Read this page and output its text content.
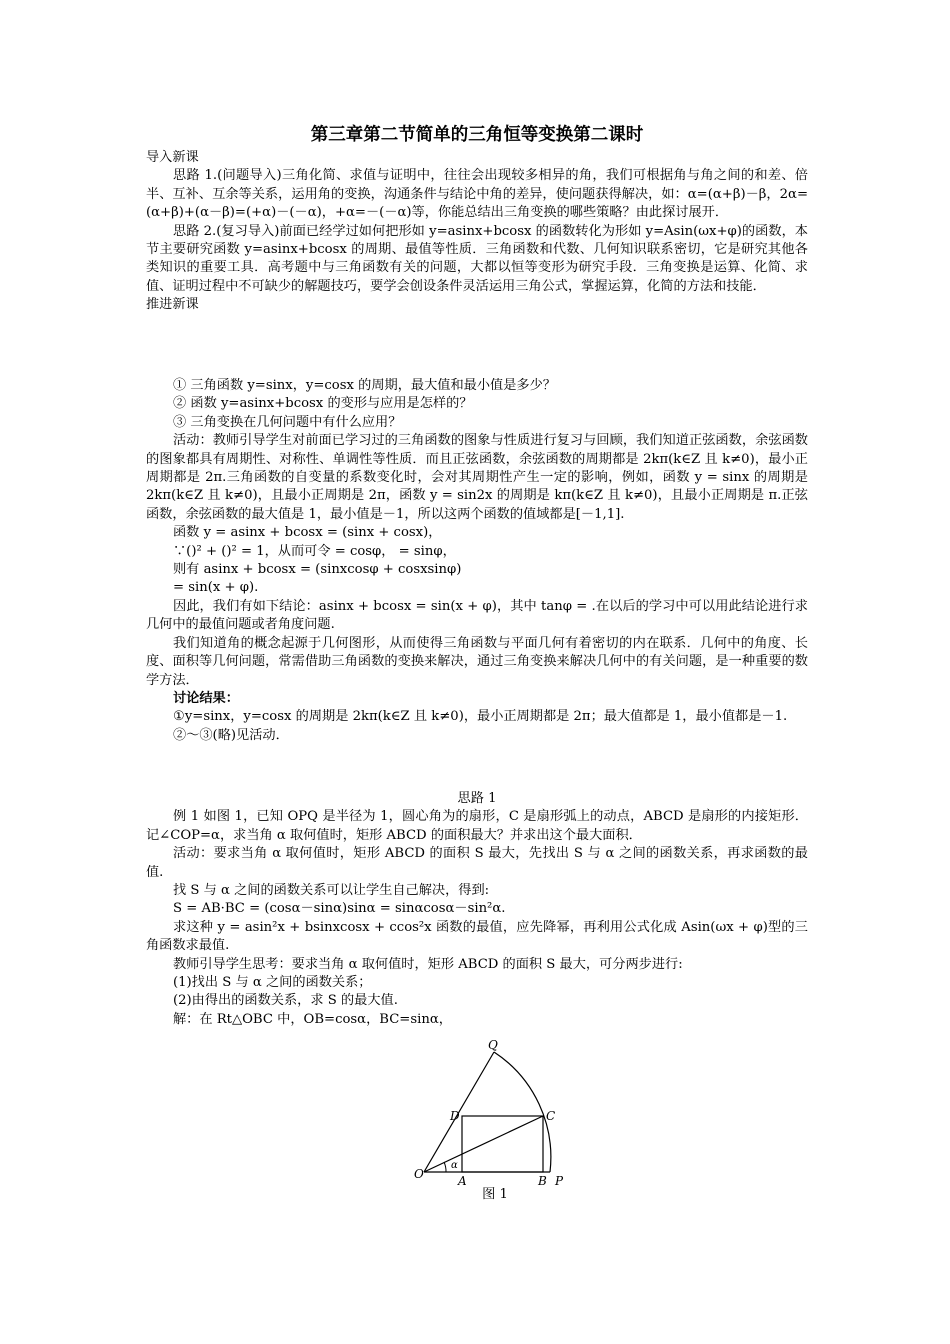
第三章第二节简单的三角恒等变换第二课时

导入新课

思路 1.(问题导入)三角化简、求值与证明中，往往会出现较多相异的角，我们可根据角与角之间的和差、倍半、互补、互余等关系，运用角的变换，沟通条件与结论中角的差异，使问题获得解决，如：α=(α+β)－β，2α=(α+β)+(α－β)=(+α)－(－α)，+α=－(－α)等，你能总结出三角变换的哪些策略？由此探讨展开．

思路 2.(复习导入)前面已经学过如何把形如 y=asinx+bcosx 的函数转化为形如 y=Asin(ωx+φ)的函数，本节主要研究函数 y=asinx+bcosx 的周期、最值等性质．三角函数和代数、几何知识联系密切，它是研究其他各类知识的重要工具．高考题中与三角函数有关的问题，大都以恒等变形为研究手段．三角变换是运算、化简、求值、证明过程中不可缺少的解题技巧，要学会创设条件灵活运用三角公式，掌握运算，化简的方法和技能．

推进新课

① 三角函数 y=sinx，y=cosx 的周期，最大值和最小值是多少？

② 函数 y=asinx+bcosx 的变形与应用是怎样的？

③ 三角变换在几何问题中有什么应用？

活动：教师引导学生对前面已学习过的三角函数的图象与性质进行复习与回顾，我们知道正弦函数，余弦函数的图象都具有周期性、对称性、单调性等性质．而且正弦函数，余弦函数的周期都是 2kπ(k∈Z 且 k≠0)，最小正周期都是 2π.三角函数的自变量的系数变化时，会对其周期性产生一定的影响，例如，函数 y = sinx 的周期是 2kπ(k∈Z 且 k≠0)，且最小正周期是 2π，函数 y = sin2x 的周期是 kπ(k∈Z 且 k≠0)，且最小正周期是 π.正弦函数，余弦函数的最大值是 1，最小值是－1，所以这两个函数的值域都是[－1,1].

函数 y = asinx + bcosx = (sinx + cosx)，

∵()² + ()² = 1，从而可令 = cosφ， = sinφ，

则有 asinx + bcosx = (sinxcosφ + cosxsinφ)

= sin(x + φ).

因此，我们有如下结论：asinx + bcosx = sin(x + φ)，其中 tanφ = .在以后的学习中可以用此结论进行求几何中的最值问题或者角度问题.

我们知道角的概念起源于几何图形，从而使得三角函数与平面几何有着密切的内在联系．几何中的角度、长度、面积等几何问题，常需借助三角函数的变换来解决，通过三角变换来解决几何中的有关问题，是一种重要的数学方法．

讨论结果：

①y=sinx，y=cosx 的周期是 2kπ(k∈Z 且 k≠0)，最小正周期都是 2π；最大值都是 1，最小值都是－1.

②～③(略)见活动．

思路 1

例 1 如图 1，已知 OPQ 是半径为 1，圆心角为的扇形，C 是扇形弧上的动点，ABCD 是扇形的内接矩形．记∠COP=α，求当角 α 取何值时，矩形 ABCD 的面积最大？并求出这个最大面积．

活动：要求当角 α 取何值时，矩形 ABCD 的面积 S 最大，先找出 S 与 α 之间的函数关系，再求函数的最值.

找 S 与 α 之间的函数关系可以让学生自己解决，得到:

S = AB·BC = (cosα－sinα)sinα = sinαcosα－sin²α.

求这种 y = asin²x + bsinxcosx + ccos²x 函数的最值，应先降幂，再利用公式化成 Asin(ωx + φ)型的三角函数求最值.

教师引导学生思考：要求当角 α 取何值时，矩形 ABCD 的面积 S 最大，可分两步进行:

(1)找出 S 与 α 之间的函数关系；

(2)由得出的函数关系，求 S 的最大值.

解：在 Rt△OBC 中，OB=cosα，BC=sinα，

O	A	B P
C
D
Q
α
图 1
